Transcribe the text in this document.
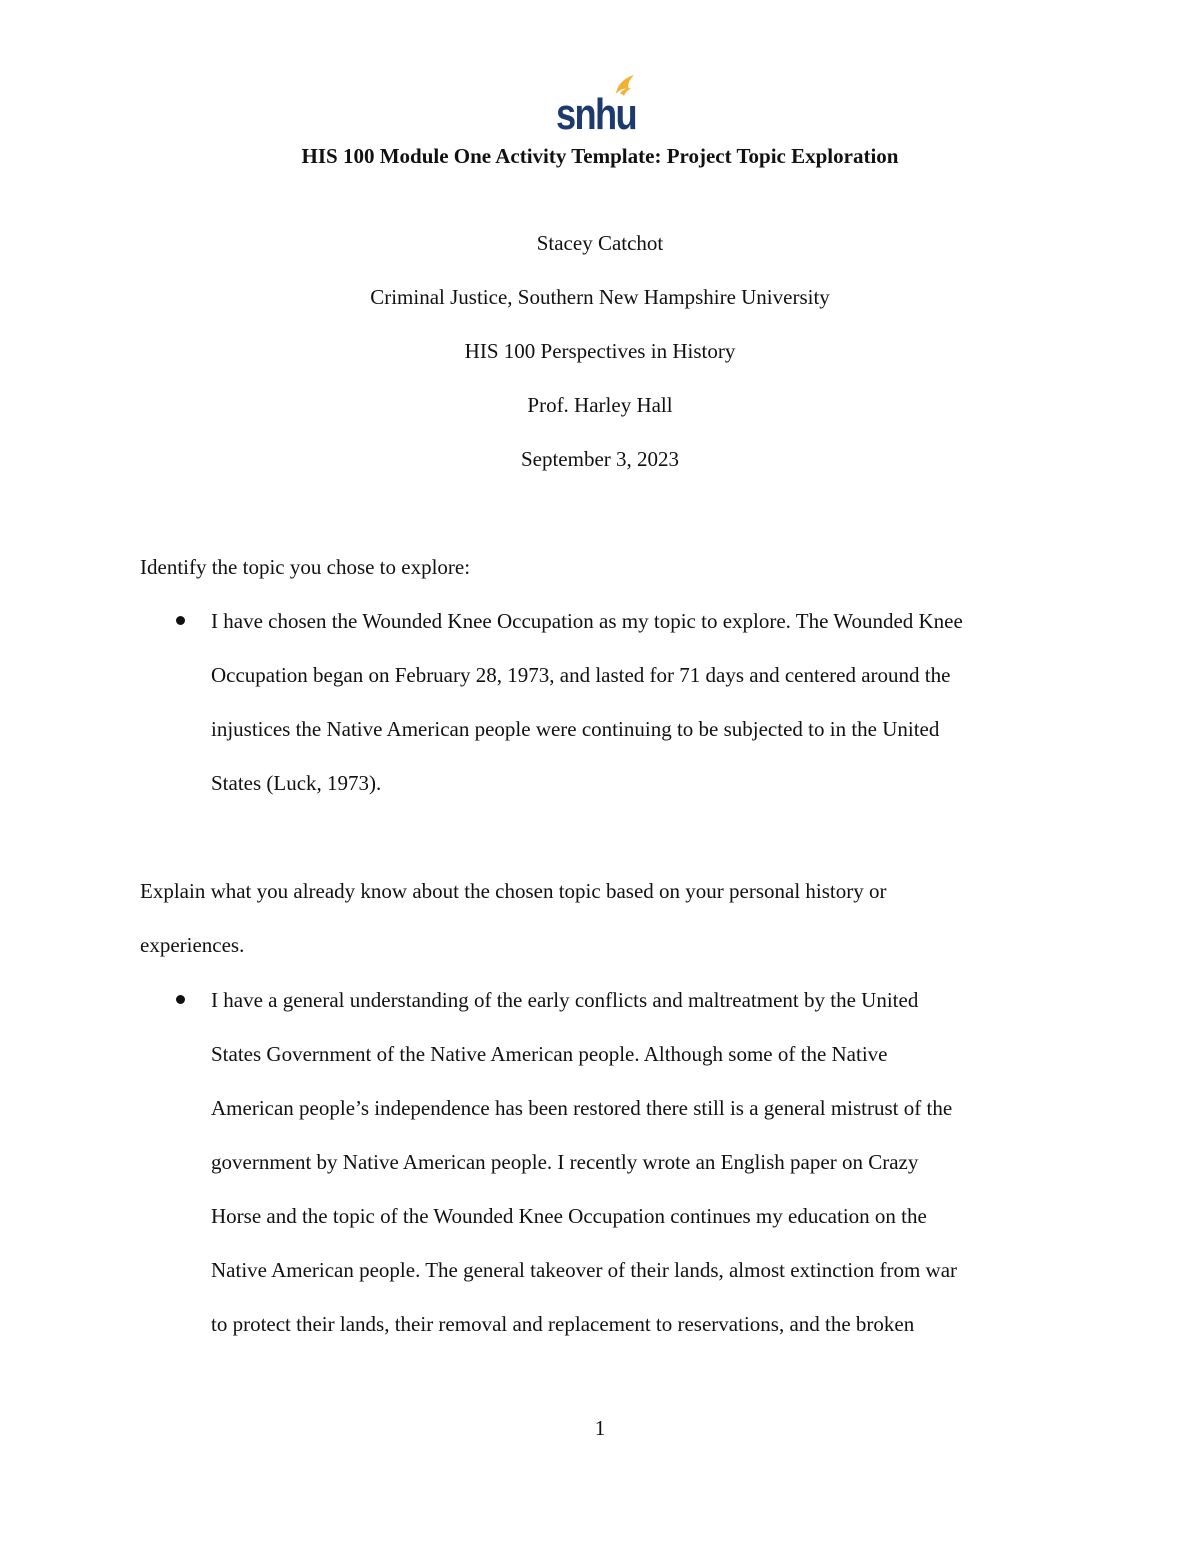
snhu
HIS 100 Module One Activity Template: Project Topic Exploration
Stacey Catchot
Criminal Justice, Southern New Hampshire University
HIS 100 Perspectives in History
Prof. Harley Hall
September 3, 2023
Identify the topic you chose to explore:
I have chosen the Wounded Knee Occupation as my topic to explore. The Wounded Knee
Occupation began on February 28, 1973, and lasted for 71 days and centered around the
injustices the Native American people were continuing to be subjected to in the United
States (Luck, 1973).
Explain what you already know about the chosen topic based on your personal history or
experiences.
I have a general understanding of the early conflicts and maltreatment by the United
States Government of the Native American people. Although some of the Native
American people’s independence has been restored there still is a general mistrust of the
government by Native American people. I recently wrote an English paper on Crazy
Horse and the topic of the Wounded Knee Occupation continues my education on the
Native American people. The general takeover of their lands, almost extinction from war
to protect their lands, their removal and replacement to reservations, and the broken
1
